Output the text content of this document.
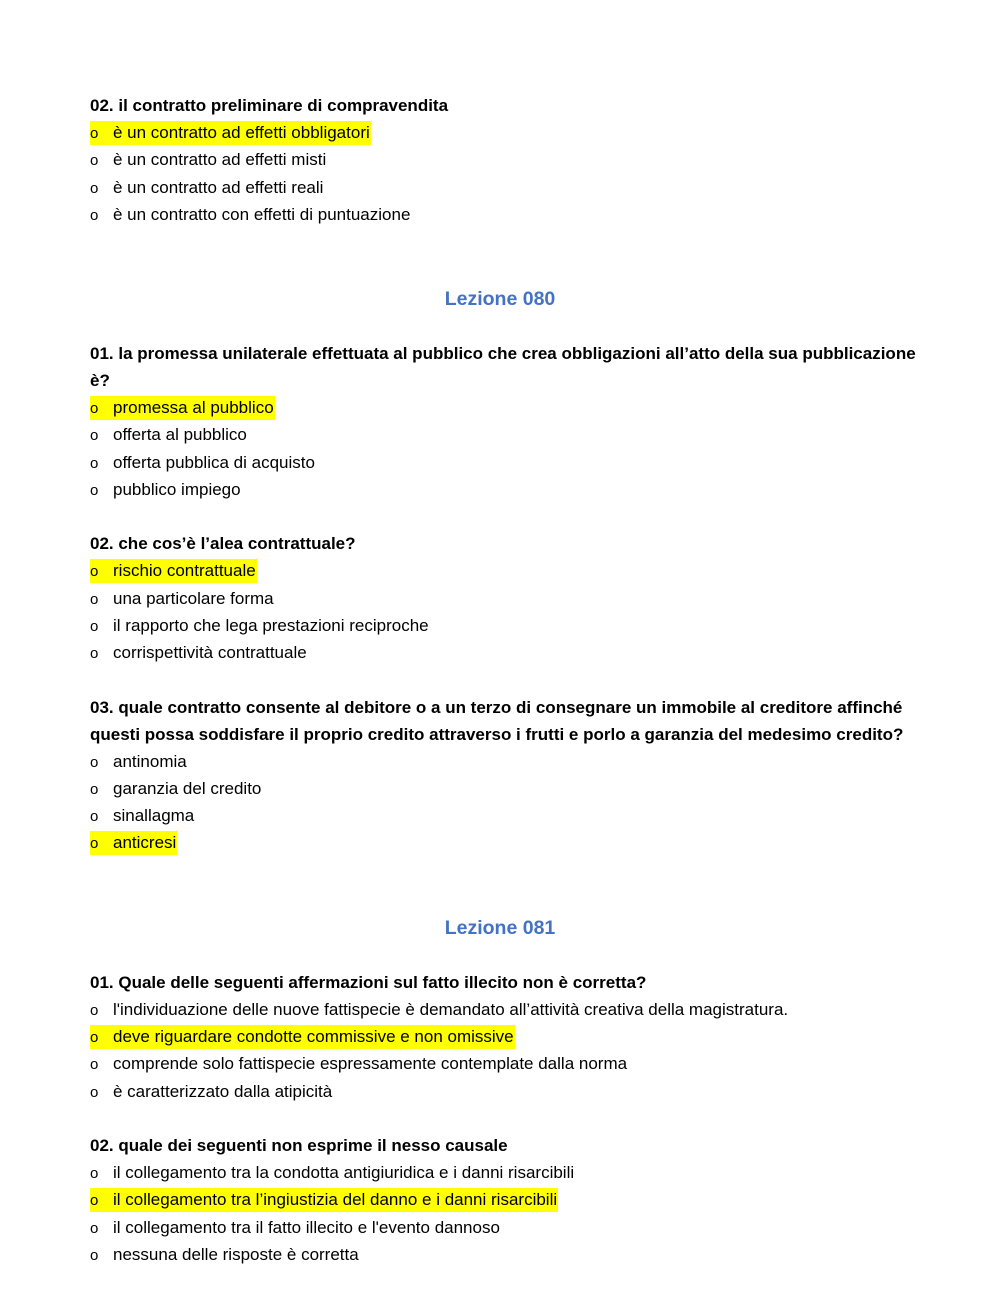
02. il contratto preliminare di compravendita

o è un contratto ad effetti obbligatori
o è un contratto ad effetti misti
o è un contratto ad effetti reali
o è un contratto con effetti di puntuazione

Lezione 080

01. la promessa unilaterale effettuata al pubblico che crea obbligazioni all’atto della sua pubblicazione è?

o promessa al pubblico
o offerta al pubblico
o offerta pubblica di acquisto
o pubblico impiego

02. che cos’è l’alea contrattuale?

o rischio contrattuale
o una particolare forma
o il rapporto che lega prestazioni reciproche
o corrispettività contrattuale

03. quale contratto consente al debitore o a un terzo di consegnare un immobile al creditore affinché questi possa soddisfare il proprio credito attraverso i frutti e porlo a garanzia del medesimo credito?

o antinomia
o garanzia del credito
o sinallagma
o anticresi

Lezione 081

01. Quale delle seguenti affermazioni sul fatto illecito non è corretta?

o l'individuazione delle nuove fattispecie è demandato all’attività creativa della magistratura.
o deve riguardare condotte commissive e non omissive
o comprende solo fattispecie espressamente contemplate dalla norma
o è caratterizzato dalla atipicità

02. quale dei seguenti non esprime il nesso causale

o il collegamento tra la condotta antigiuridica e i danni risarcibili
o il collegamento tra l’ingiustizia del danno e i danni risarcibili
o il collegamento tra il fatto illecito e l'evento dannoso
o nessuna delle risposte è corretta
